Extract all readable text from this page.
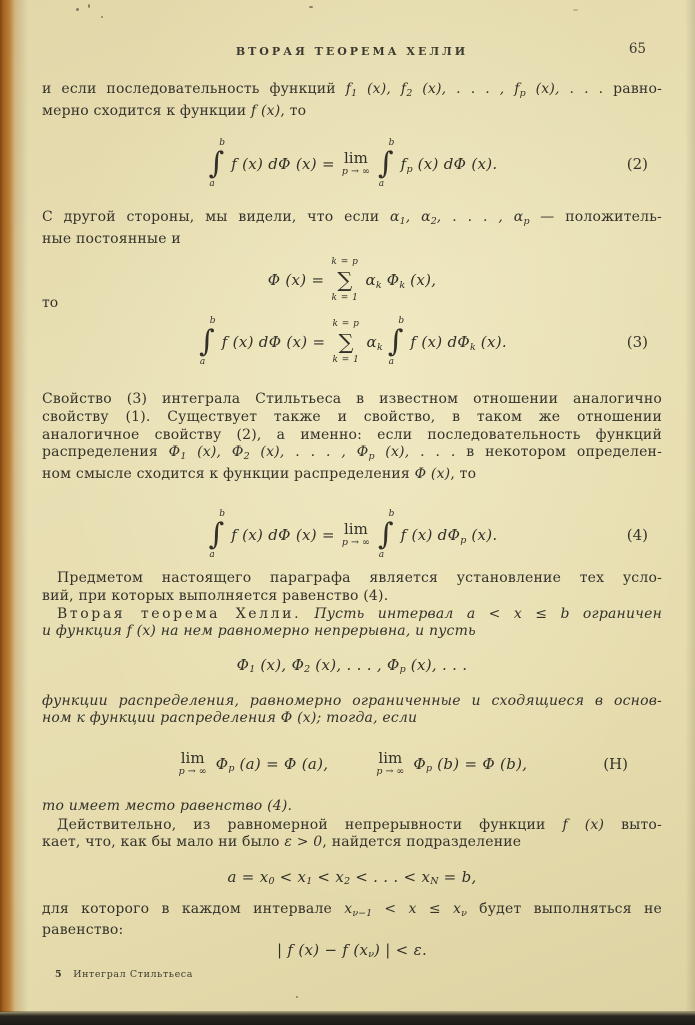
ВТОРАЯ ТЕОРЕМА ХЕЛЛИ	65
и если последовательность функций $f_1$ (x), $f_2$ (x), . . . , $f_p$ (x), . . . равно-
мерно сходится к функции f (x), то
b
∫
a
f (x) dΦ (x) = lim
p → ∞
b
∫
a
f p (x) dΦ (x).	(2)
С другой стороны, мы видели, что если $\alpha_1$, $\alpha_2$, . . . , $\alpha_p$ — положитель-
ные постоянные и
Φ (x) =
k = p
∑
k = 1
α k Φ k (x),
то
b
∫
a
f (x) dΦ (x) =
k = p
∑
k = 1
α k
b
∫
a
f (x) dΦ k (x).	(3)
Свойство (3) интеграла Стильтьеса в известном отношении аналогично
свойству (1). Существует также и свойство, в таком же отношении
аналогичное свойству (2), а именно: если последовательность функций
распределения $\Phi_1$ (x), $\Phi_2$ (x), . . . , $\Phi_p$ (x), . . . в некотором определен-
ном смысле сходится к функции распределения Φ (x), то
b
∫
a
f (x) dΦ (x) = lim
p → ∞
b
∫
a
f (x) dΦ p (x).	(4)
Предметом настоящего параграфа является установление тех усло-
вий, при которых выполняется равенство (4).
Вторая теорема Хелли. Пусть интервал a < x ≤ b ограничен
и функция f (x) на нем равномерно непрерывна, и пусть
Φ 1 (x), Φ 2 (x), . . . , Φ p (x), . . .
функции распределения, равномерно ограниченные и сходящиеся в основ-
ном к функции распределения Φ (x); тогда, если
lim
p → ∞ Φ p (a) = Φ (a),	lim
p → ∞ Φ p (b) = Φ (b),	(H)
то имеет место равенство (4).
Действительно, из равномерной непрерывности функции f (x) выто-
кает, что, как бы мало ни было ε > 0, найдется подразделение
a = x 0 < x 1 < x 2 < . . . < x N = b,
для которого в каждом интервале $x_{\nu-1} < x \le x_\nu$ будет выполняться не
равенство:
| f (x) − f (x ν ) | < ε.
5 Интеграл Стильтьеса
